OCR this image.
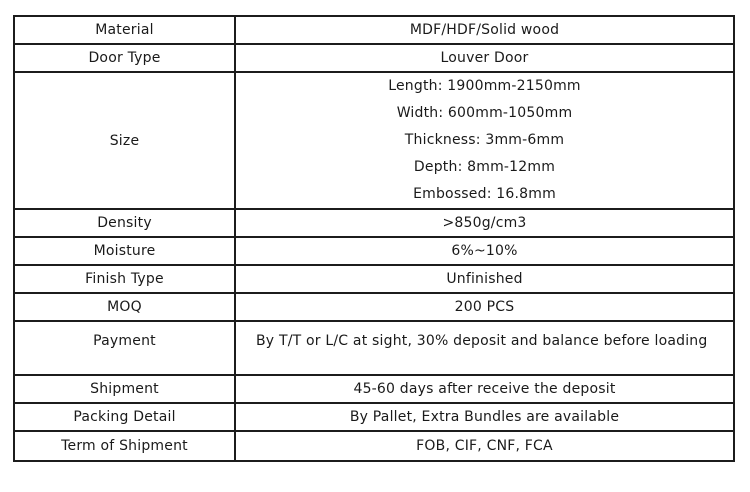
Material	MDF/HDF/Solid wood
Door Type	Louver Door
Size	Length: 1900mm-2150mm
Width: 600mm-1050mm
Thickness: 3mm-6mm
Depth: 8mm-12mm
Embossed: 16.8mm

Density	>850g/cm3
Moisture	6%~10%
Finish Type	Unfinished
MOQ	200 PCS
Payment	By T/T or L/C at sight, 30% deposit and balance before loading
Shipment	45-60 days after receive the deposit
Packing Detail	By Pallet, Extra Bundles are available
Term of Shipment	FOB, CIF, CNF, FCA
